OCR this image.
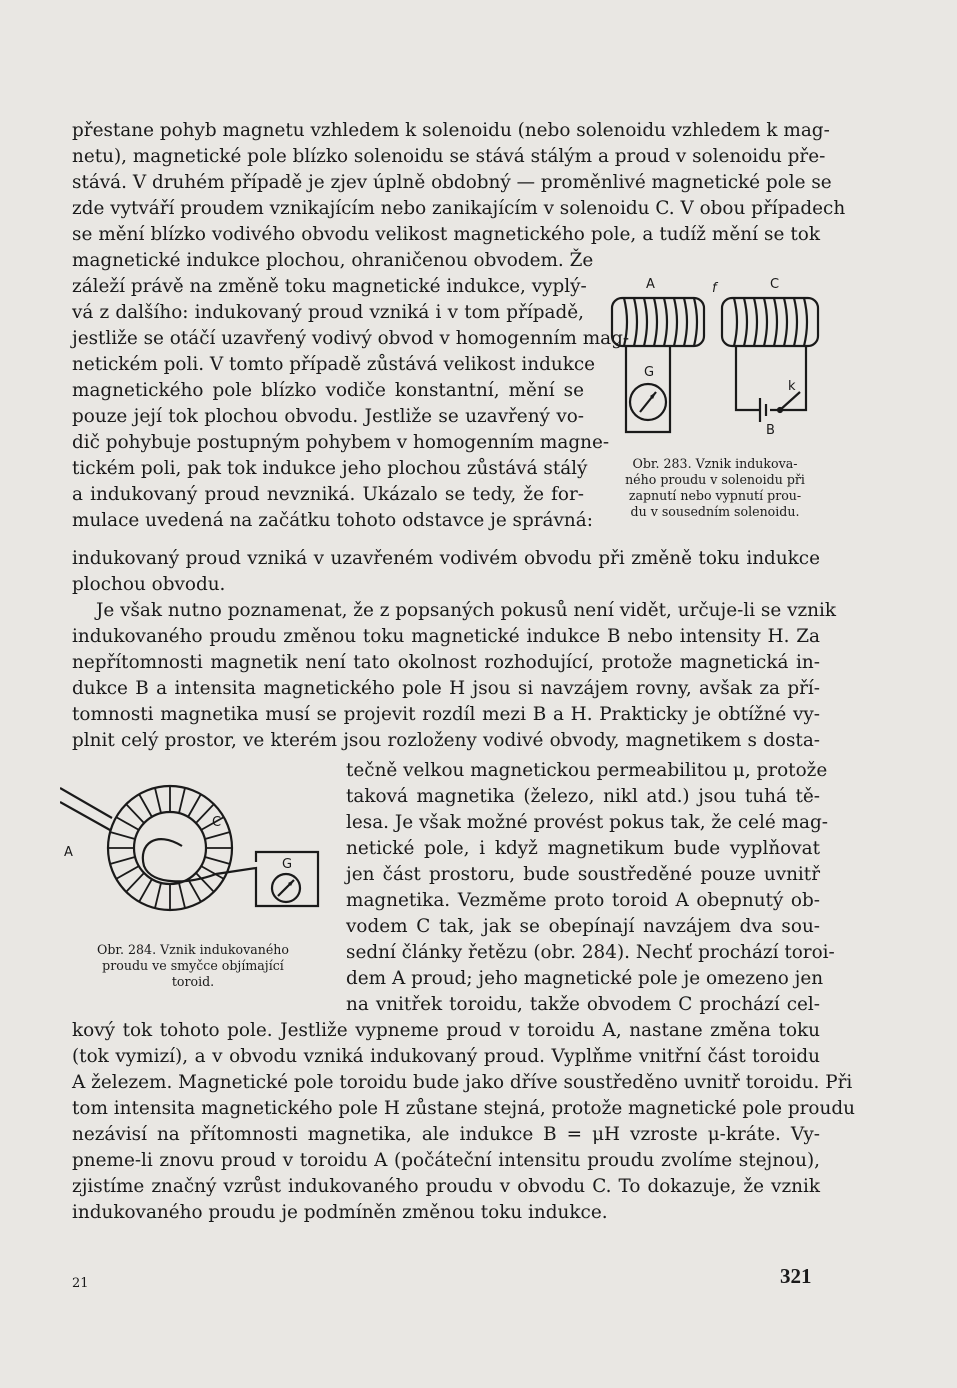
přestane pohyb magnetu vzhledem k solenoidu (nebo solenoidu vzhledem k mag-
netu), magnetické pole blízko solenoidu se stává stálým a proud v solenoidu pře-
stává. V druhém případě je zjev úplně obdobný — proměnlivé magnetické pole se
zde vytváří proudem vznikajícím nebo zanikajícím v solenoidu C. V obou případech
se mění blízko vodivého obvodu velikost magnetického pole, a tudíž mění se tok
magnetické indukce plochou, ohraničenou obvodem. Že
záleží právě na změně toku magnetické indukce, vyplý-
vá z dalšího: indukovaný proud vzniká i v tom případě,
jestliže se otáčí uzavřený vodivý obvod v homogenním mag-
netickém poli. V tomto případě zůstává velikost indukce
magnetického pole blízko vodiče konstantní, mění se
pouze její tok plochou obvodu. Jestliže se uzavřený vo-
dič pohybuje postupným pohybem v homogenním magne-
tickém poli, pak tok indukce jeho plochou zůstává stálý
a indukovaný proud nevzniká. Ukázalo se tedy, že for-
mulace uvedená na začátku tohoto odstavce je správná:
A	f	C
G
k
B
Obr. 283. Vznik indukova-
ného proudu v solenoidu při
zapnutí nebo vypnutí prou-
du v sousedním solenoidu.
indukovaný proud vzniká v uzavřeném vodivém obvodu při změně toku indukce
plochou obvodu.
Je však nutno poznamenat, že z popsaných pokusů není vidět, určuje-li se vznik
indukovaného proudu změnou toku magnetické indukce B nebo intensity H. Za
nepřítomnosti magnetik není tato okolnost rozhodující, protože magnetická in-
dukce B a intensita magnetického pole H jsou si navzájem rovny, avšak za pří-
tomnosti magnetika musí se projevit rozdíl mezi B a H. Prakticky je obtížné vy-
plnit celý prostor, ve kterém jsou rozloženy vodivé obvody, magnetikem s dosta-
C
A
G
Obr. 284. Vznik indukovaného
proudu ve smyčce objímající
toroid.
tečně velkou magnetickou permeabilitou μ, protože
taková magnetika (železo, nikl atd.) jsou tuhá tě-
lesa. Je však možné provést pokus tak, že celé mag-
netické pole, i když magnetikum bude vyplňovat
jen část prostoru, bude soustředěné pouze uvnitř
magnetika. Vezměme proto toroid A obepnutý ob-
vodem C tak, jak se obepínají navzájem dva sou-
sední články řetězu (obr. 284). Nechť prochází toroi-
dem A proud; jeho magnetické pole je omezeno jen
na vnitřek toroidu, takže obvodem C prochází cel-
kový tok tohoto pole. Jestliže vypneme proud v toroidu A, nastane změna toku
(tok vymizí), a v obvodu vzniká indukovaný proud. Vyplňme vnitřní část toroidu
A železem. Magnetické pole toroidu bude jako dříve soustředěno uvnitř toroidu. Při
tom intensita magnetického pole H zůstane stejná, protože magnetické pole proudu
nezávisí na přítomnosti magnetika, ale indukce B = μH vzroste μ-kráte. Vy-
pneme-li znovu proud v toroidu A (počáteční intensitu proudu zvolíme stejnou),
zjistíme značný vzrůst indukovaného proudu v obvodu C. To dokazuje, že vznik
indukovaného proudu je podmíněn změnou toku indukce.
21	321
